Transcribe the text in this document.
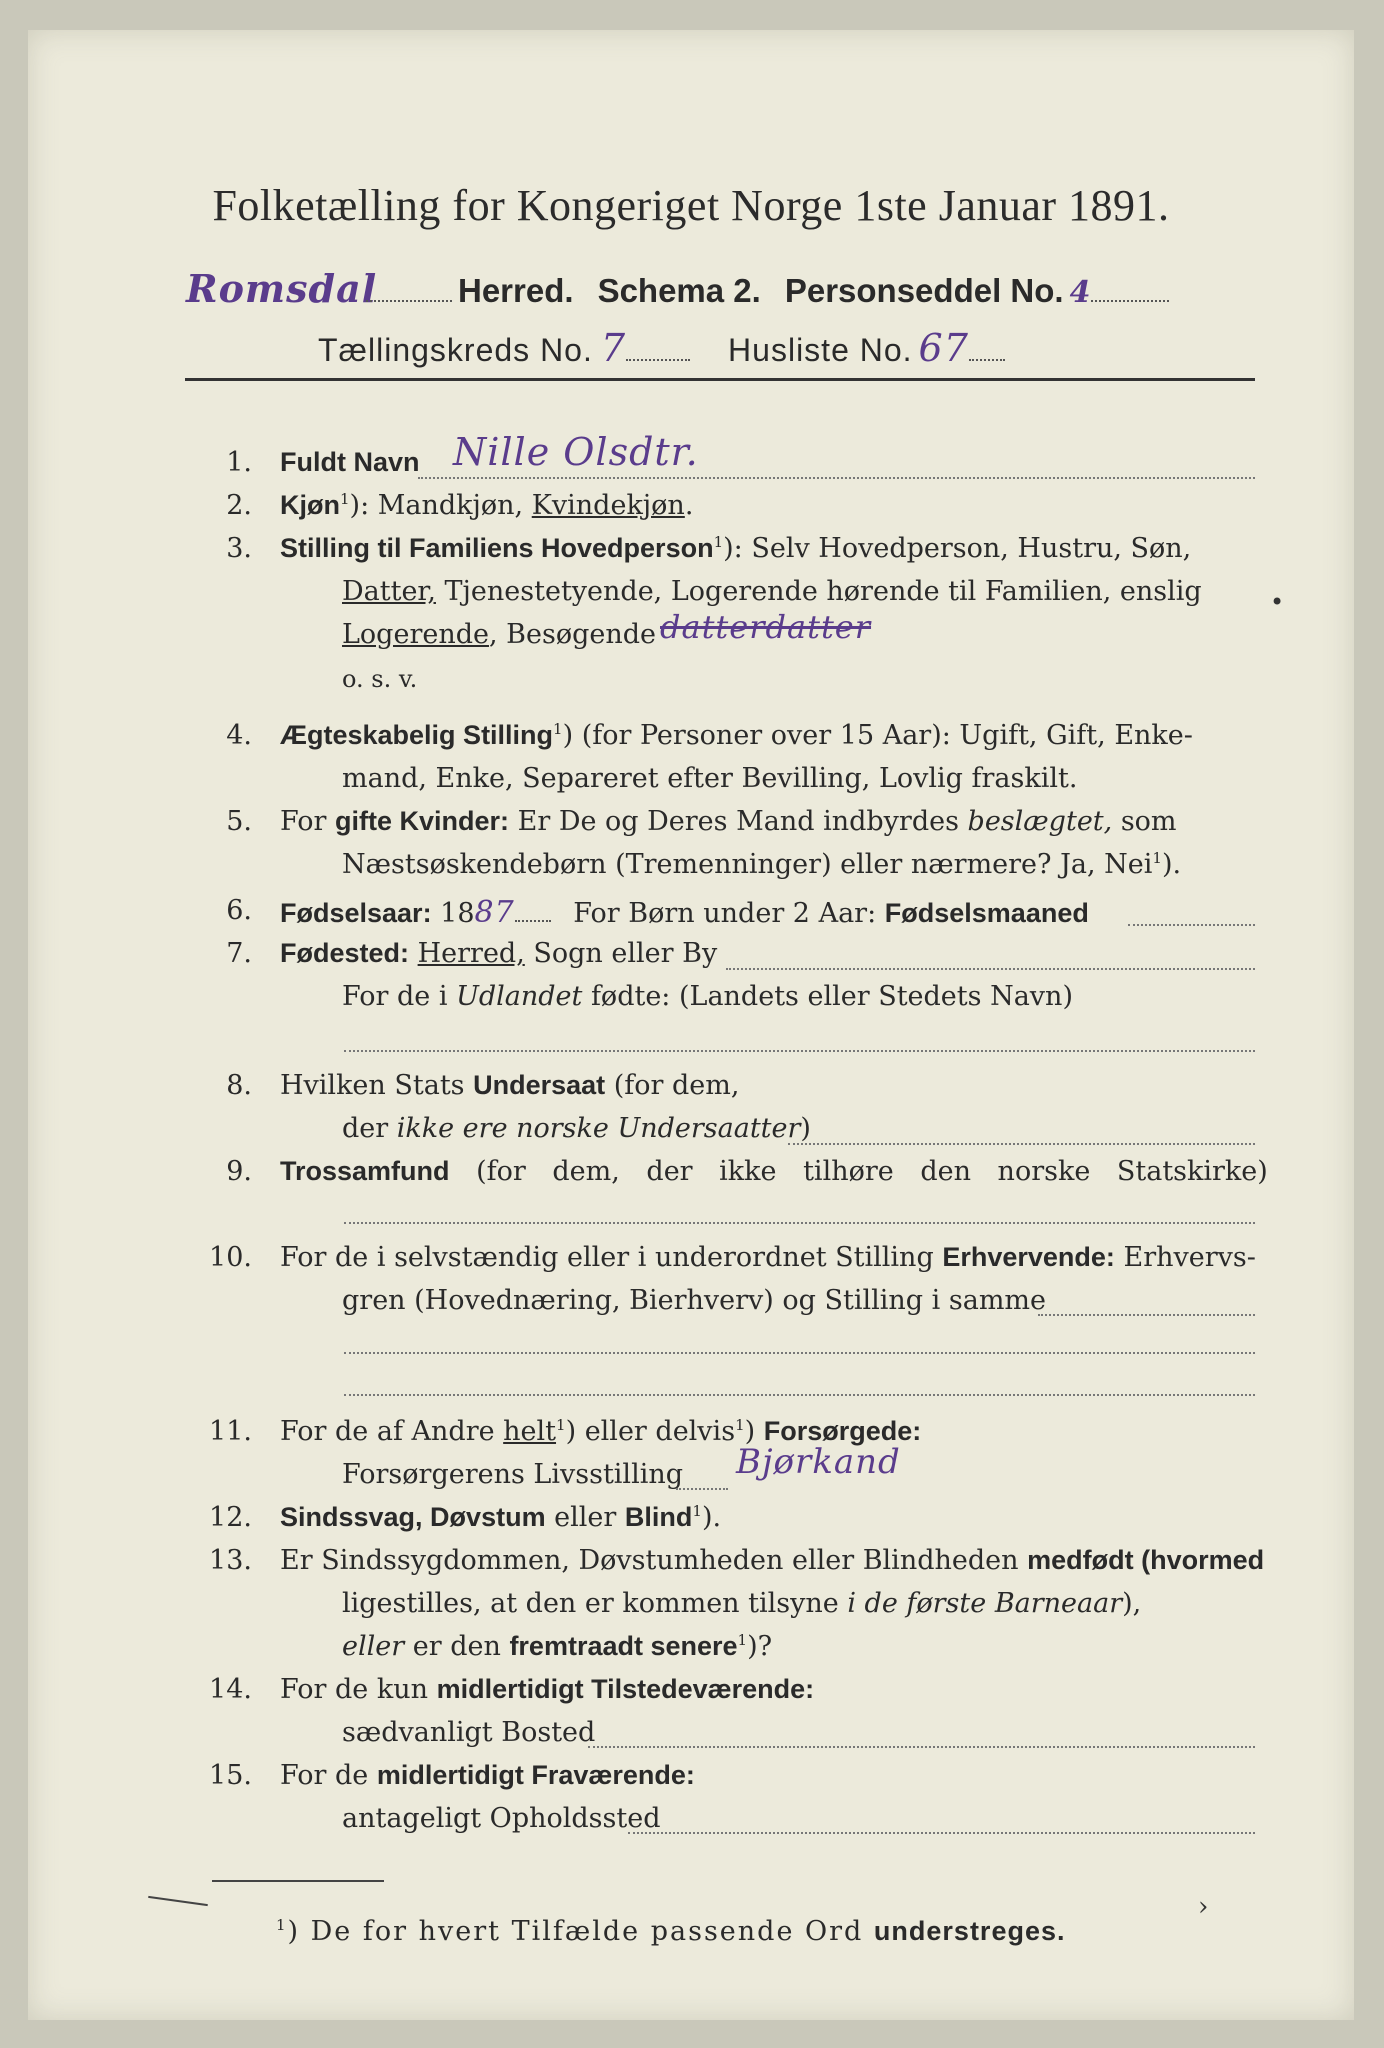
Folketælling for Kongeriget Norge 1ste Januar 1891.
Romsdal Herred. Schema 2. Personseddel No. 4
Tællingskreds No. 7	Husliste No. 67
1. Fuldt Navn Nille Olsdtr.
2. Kjøn$^1$): Mandkjøn, Kvindekjøn.
3. Stilling til Familiens Hovedperson$^1$): Selv Hovedperson, Hustru, Søn,
Datter, Tjenestetyende, Logerende hørende til Familien, enslig
Logerende, Besøgende datterdatter
o. s. v.
•
4. Ægteskabelig Stilling$^1$) (for Personer over 15 Aar): Ugift, Gift, Enke-
mand, Enke, Separeret efter Bevilling, Lovlig fraskilt.
5. For gifte Kvinder: Er De og Deres Mand indbyrdes beslægtet, som
Næstsøskendebørn (Tremenninger) eller nærmere? Ja, Nei$^1$).
6. Fødselsaar: 1887 For Børn under 2 Aar: Fødselsmaaned
7. Fødested: Herred, Sogn eller By
For de i Udlandet fødte: (Landets eller Stedets Navn)
8. Hvilken Stats Undersaat (for dem,
der ikke ere norske Undersaatter)
9. Trossamfund (for dem, der ikke tilhøre den norske Statskirke)
10. For de i selvstændig eller i underordnet Stilling Erhvervende: Erhvervs-
gren (Hovednæring, Bierhverv) og Stilling i samme
11. For de af Andre helt$^1$) eller delvis$^1$) Forsørgede:
Forsørgerens Livsstilling Bjørkand
12. Sindssvag, Døvstum eller Blind$^1$).
13. Er Sindssygdommen, Døvstumheden eller Blindheden medfødt (hvormed
ligestilles, at den er kommen tilsyne i de første Barneaar),
eller er den fremtraadt senere$^1$)?
14. For de kun midlertidigt Tilstedeværende:
sædvanligt Bosted
15. For de midlertidigt Fraværende:
antageligt Opholdssted
$^1$) De for hvert Tilfælde passende Ord understreges.
›
